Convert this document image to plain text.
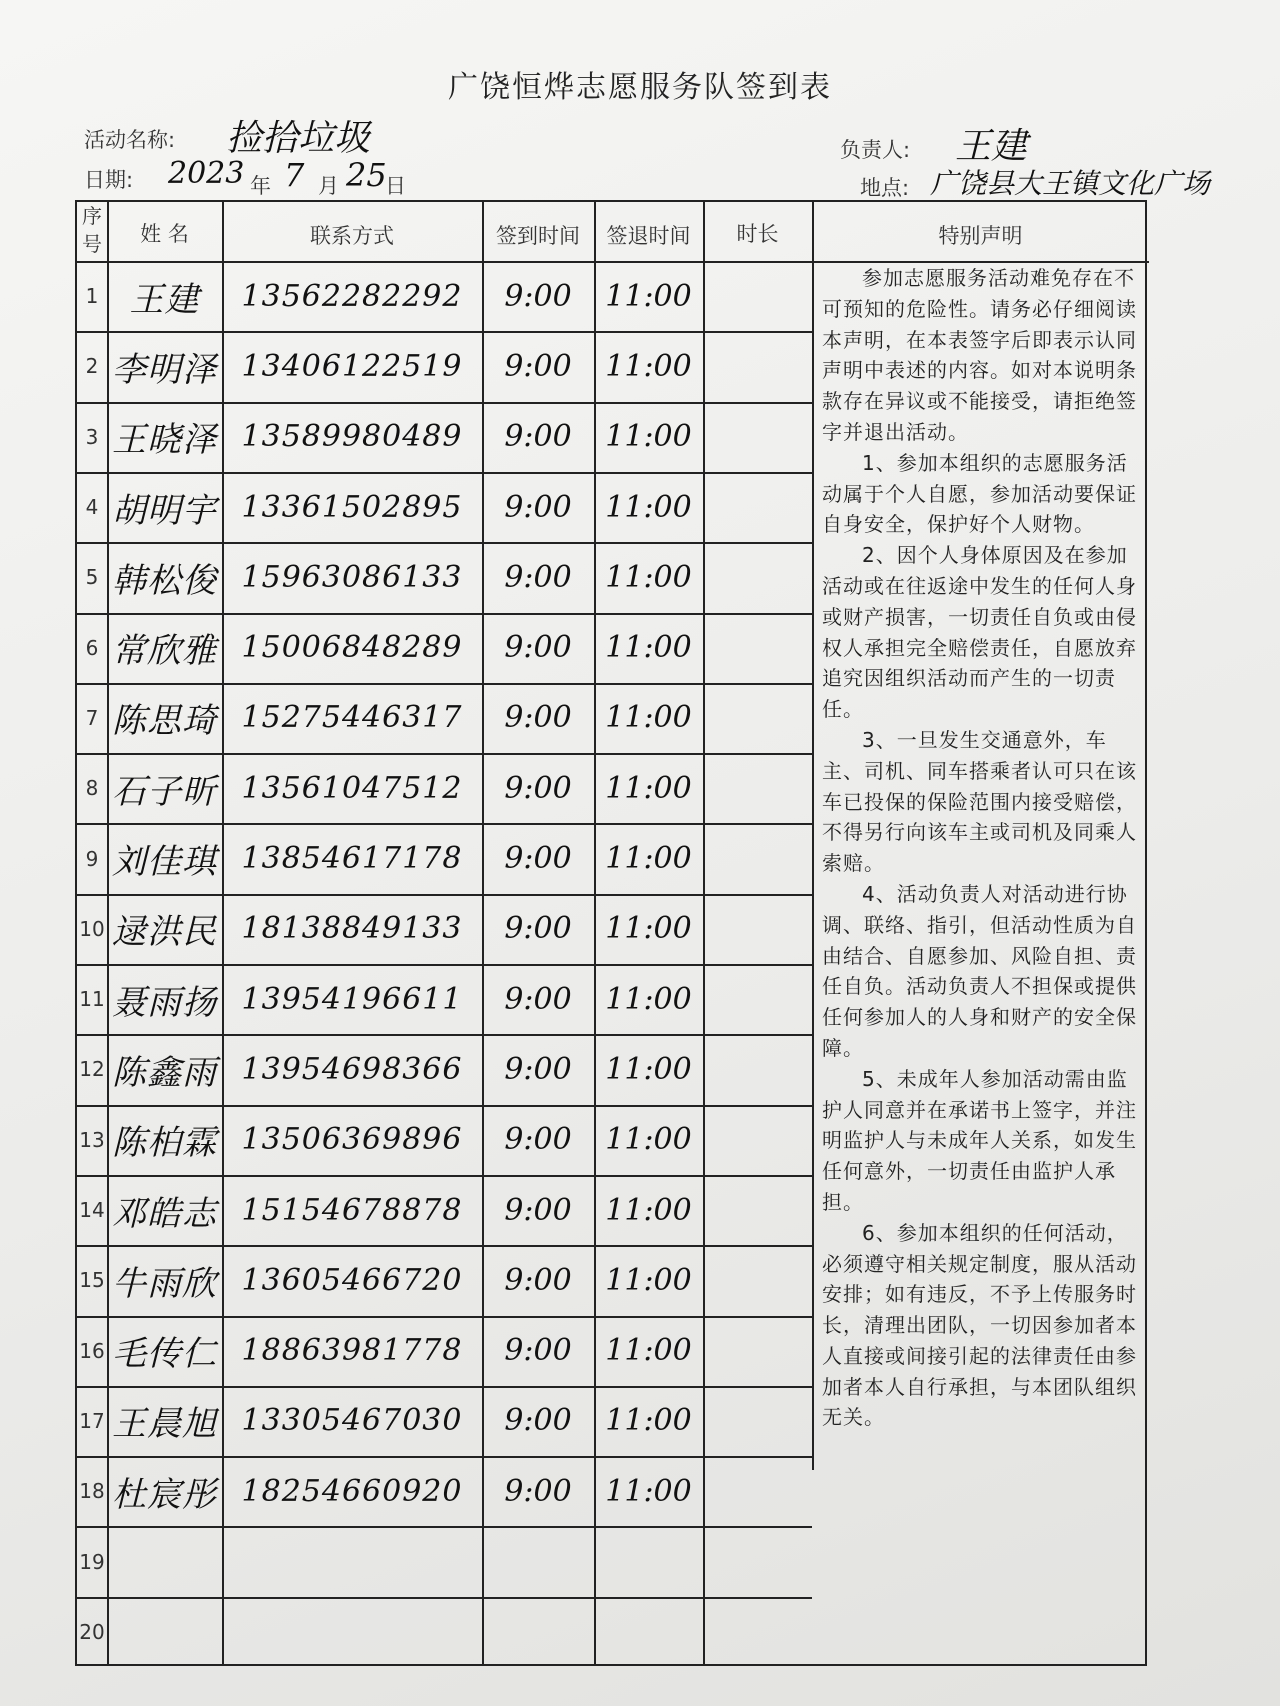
广饶恒烨志愿服务队签到表
活动名称: 捡拾垃圾	负责人: 王建
日期: 2023 年 7 月 25
日	地点: 广饶县大王镇文化广场
序号	姓 名	联系方式	签到时间	签退时间	时长	特别声明
1 王建	13562282292	9:00	11:00
2 李明泽 13406122519	9:00	11:00
3 王晓泽 13589980489	9:00	11:00
4 胡明宇 13361502895	9:00	11:00
5 韩松俊 15963086133	9:00	11:00
6 常欣雅 15006848289	9:00	11:00
7 陈思琦 15275446317	9:00	11:00
8 石子昕 13561047512	9:00	11:00
9 刘佳琪 13854617178	9:00	11:00
10 逯洪民 18138849133	9:00	11:00
11 聂雨扬 13954196611	9:00	11:00
12 陈鑫雨 13954698366	9:00	11:00
13 陈柏霖 13506369896	9:00	11:00
14 邓皓志 15154678878	9:00	11:00
15 牛雨欣 13605466720	9:00	11:00
16 毛传仁 18863981778	9:00	11:00
17 王晨旭 13305467030	9:00	11:00
18 杜宸彤 18254660920	9:00	11:00
19
20

参加志愿服务活动难免存在不可预知的危险性。请务必仔细阅读本声明，在本表签字后即表示认同声明中表述的内容。如对本说明条款存在异议或不能接受，请拒绝签字并退出活动。

1、参加本组织的志愿服务活动属于个人自愿，参加活动要保证自身安全，保护好个人财物。

2、因个人身体原因及在参加活动或在往返途中发生的任何人身或财产损害，一切责任自负或由侵权人承担完全赔偿责任，自愿放弃追究因组织活动而产生的一切责任。

3、一旦发生交通意外，车主、司机、同车搭乘者认可只在该车已投保的保险范围内接受赔偿，不得另行向该车主或司机及同乘人索赔。

4、活动负责人对活动进行协调、联络、指引，但活动性质为自由结合、自愿参加、风险自担、责任自负。活动负责人不担保或提供任何参加人的人身和财产的安全保障。

5、未成年人参加活动需由监护人同意并在承诺书上签字，并注明监护人与未成年人关系，如发生任何意外，一切责任由监护人承担。

6、参加本组织的任何活动，必须遵守相关规定制度，服从活动安排；如有违反，不予上传服务时长，清理出团队，一切因参加者本人直接或间接引起的法律责任由参加者本人自行承担，与本团队组织无关。
